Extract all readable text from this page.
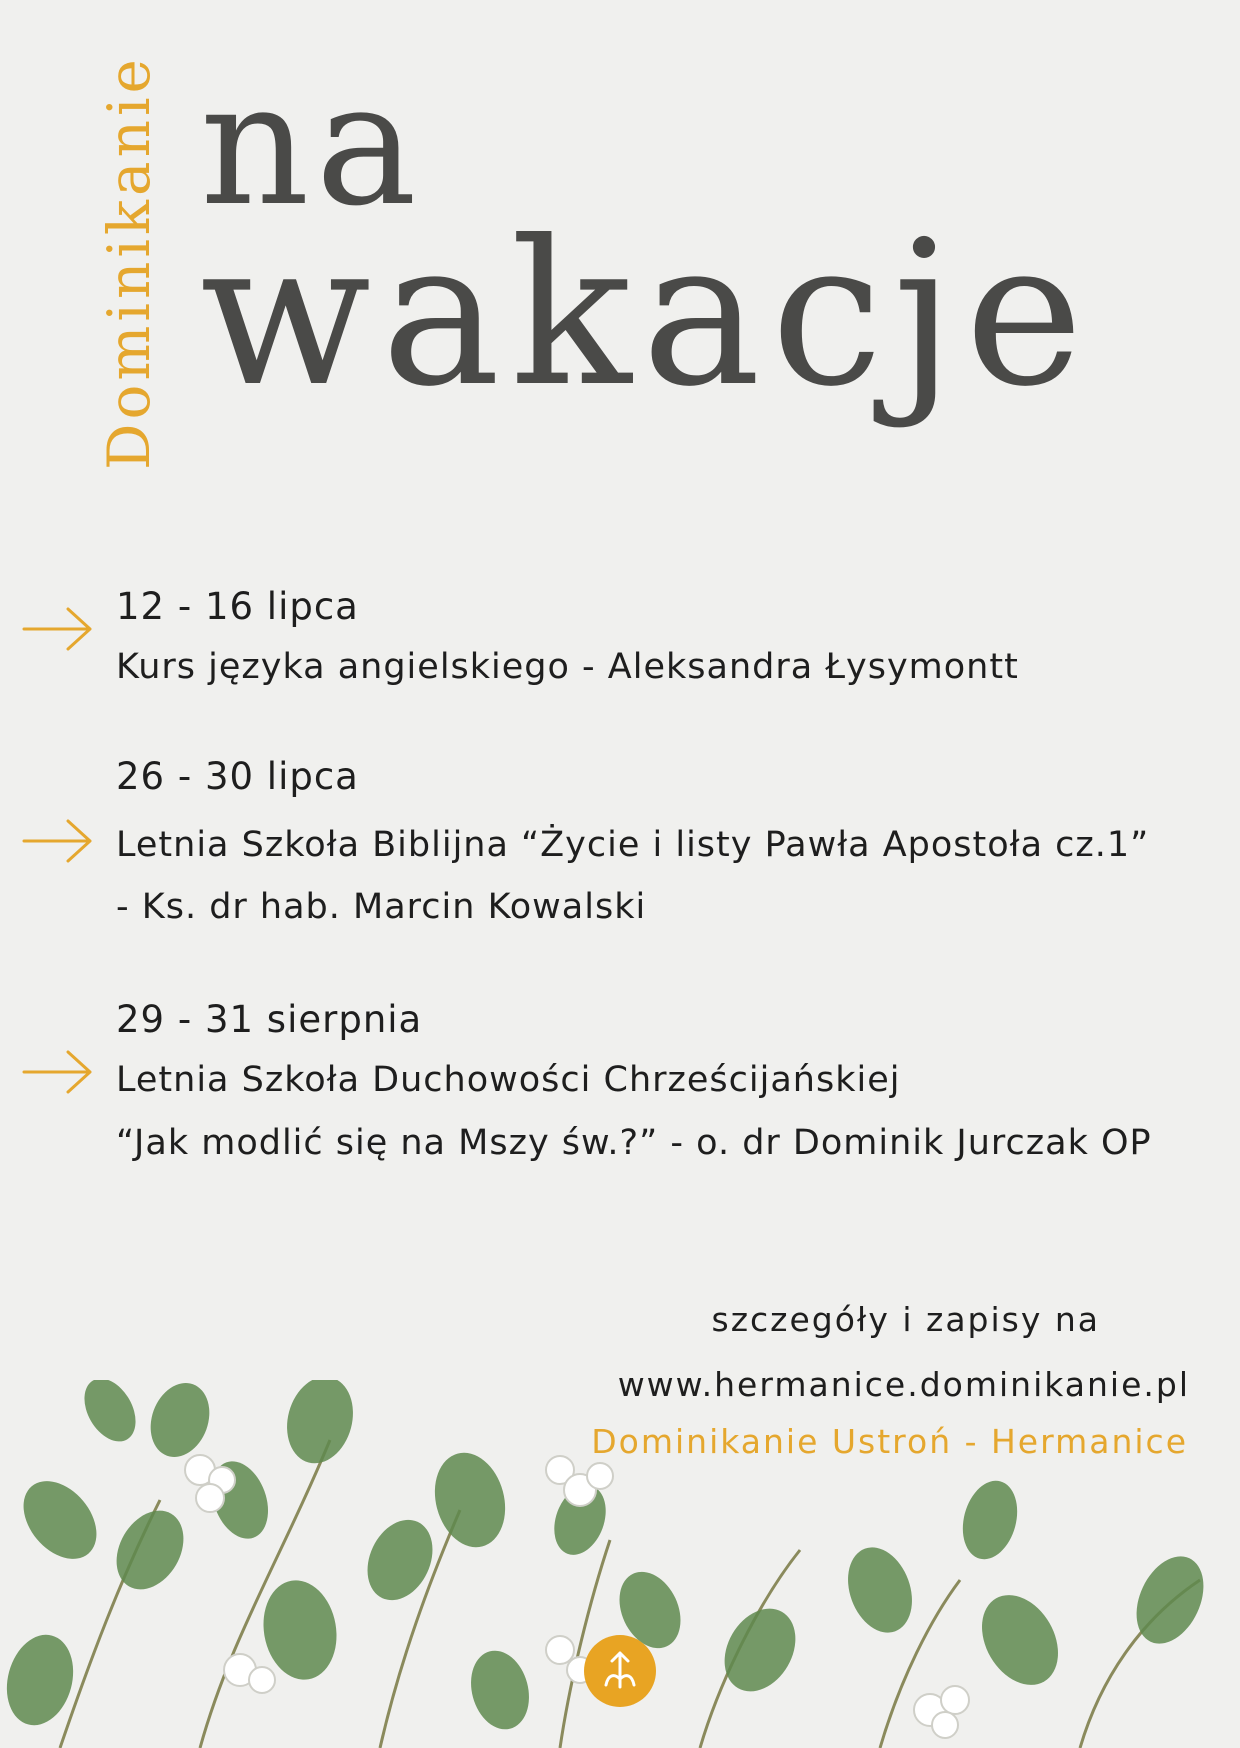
Dominikanie na
wakacje
12 - 16 lipca
Kurs języka angielskiego - Aleksandra Łysymontt
26 - 30 lipca
Letnia Szkoła Biblijna “Życie i listy Pawła Apostoła cz.1”
- Ks. dr hab. Marcin Kowalski
29 - 31 sierpnia
Letnia Szkoła Duchowości Chrześcijańskiej
“Jak modlić się na Mszy św.?” - o. dr Dominik Jurczak OP
szczegóły i zapisy na
www.hermanice.dominikanie.pl
Dominikanie Ustroń - Hermanice
